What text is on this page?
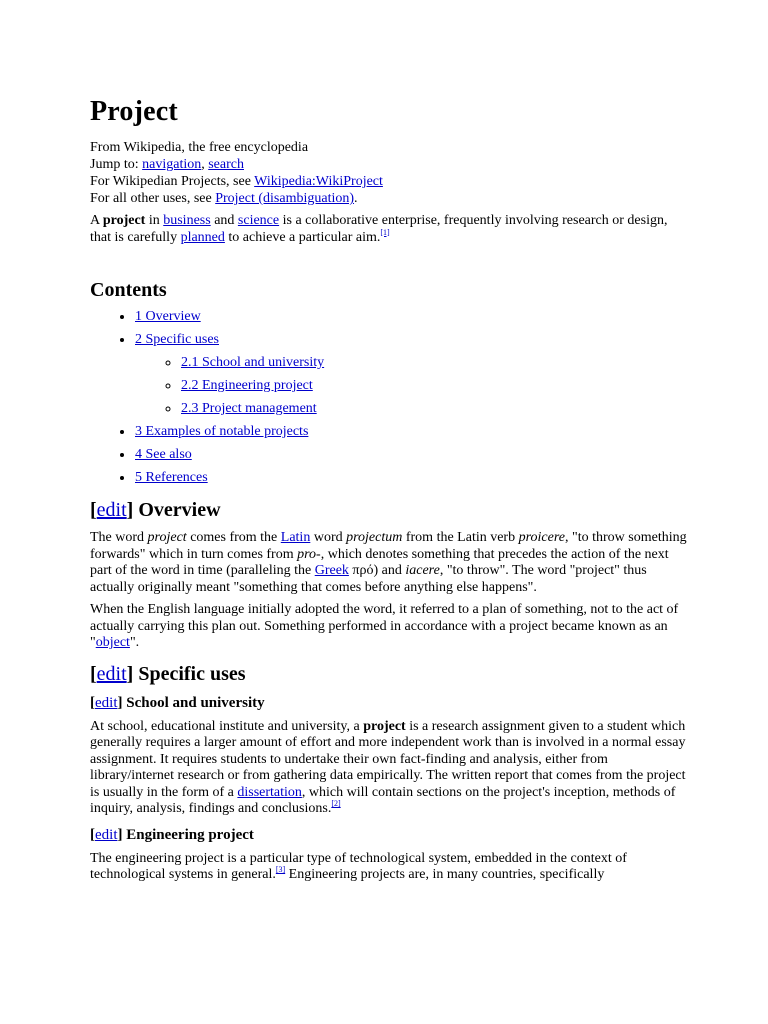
Project
From Wikipedia, the free encyclopedia
Jump to: navigation, search
For Wikipedian Projects, see Wikipedia:WikiProject
For all other uses, see Project (disambiguation).

A project in business and science is a collaborative enterprise, frequently involving research or design, that is carefully planned to achieve a particular aim.[1]

Contents
• 1 Overview
• 2 Specific uses
◦ 2.1 School and university
◦ 2.2 Engineering project
◦ 2.3 Project management
• 3 Examples of notable projects
• 4 See also
• 5 References
[edit] Overview

The word project comes from the Latin word projectum from the Latin verb proicere, "to throw something forwards" which in turn comes from pro-, which denotes something that precedes the action of the next part of the word in time (paralleling the Greek πρό) and iacere, "to throw". The word "project" thus actually originally meant "something that comes before anything else happens".

When the English language initially adopted the word, it referred to a plan of something, not to the act of actually carrying this plan out. Something performed in accordance with a project became known as an "object".

[edit] Specific uses
[edit] School and university

At school, educational institute and university, a project is a research assignment given to a student which generally requires a larger amount of effort and more independent work than is involved in a normal essay assignment. It requires students to undertake their own fact-finding and analysis, either from library/internet research or from gathering data empirically. The written report that comes from the project is usually in the form of a dissertation, which will contain sections on the project's inception, methods of inquiry, analysis, findings and conclusions.[2]

[edit] Engineering project

The engineering project is a particular type of technological system, embedded in the context of technological systems in general.[3] Engineering projects are, in many countries, specifically
